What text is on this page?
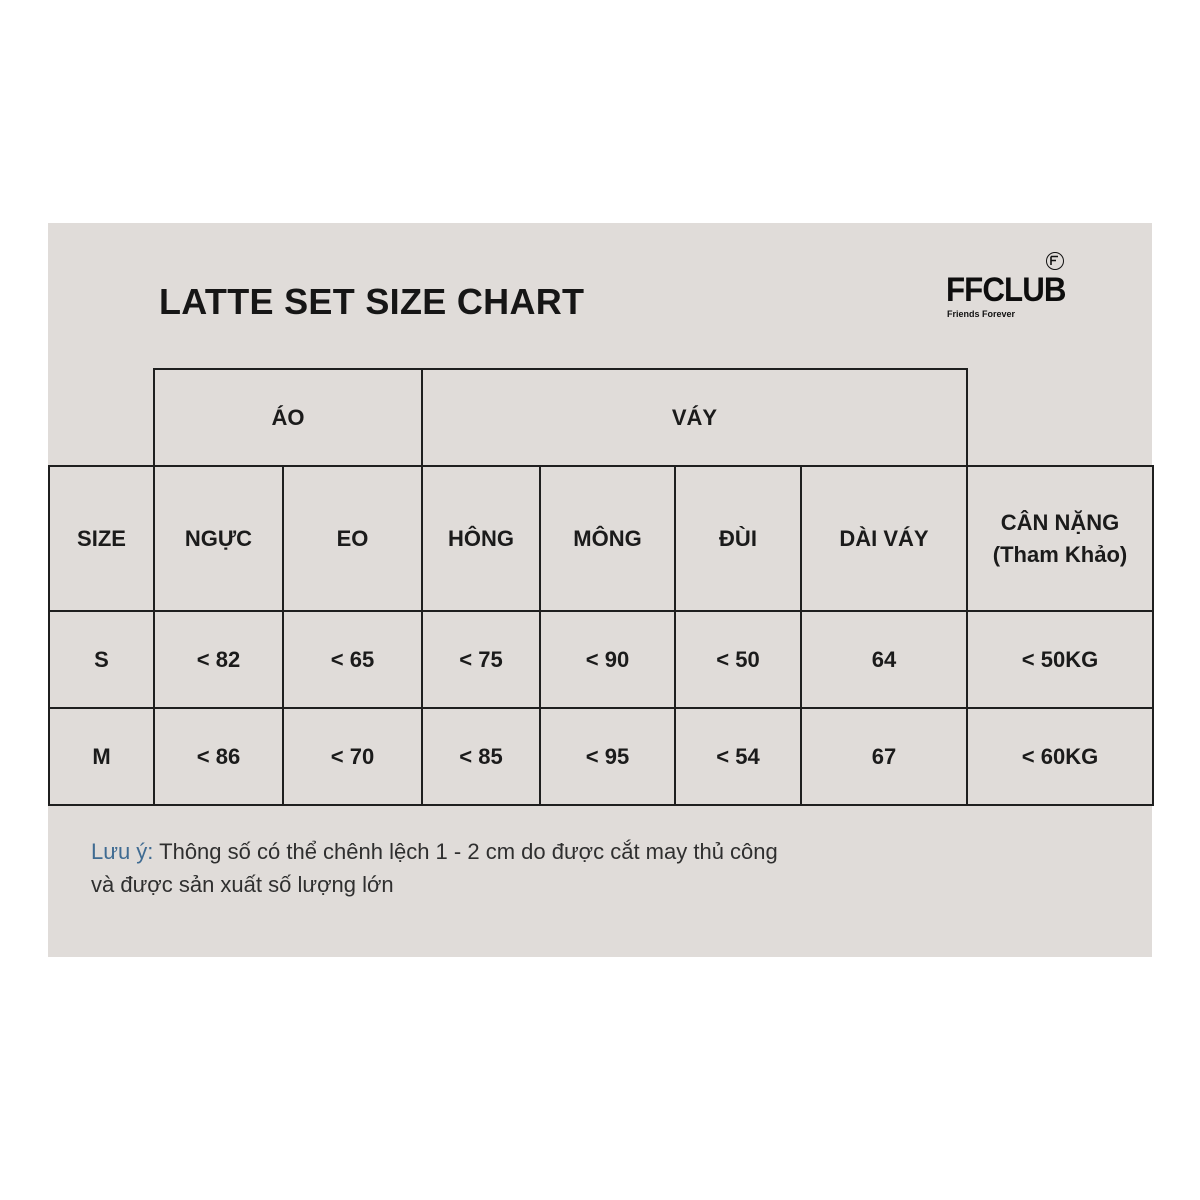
LATTE SET SIZE CHART	FFCLUB
Friends Forever
	ÁO		VÁY				
SIZE	NGỰC	EO	HÔNG	MÔNG	ĐÙI	DÀI VÁY	CÂN NẶNG
(Tham Khảo)
S	< 82	< 65	< 75	< 90	< 50	64	< 50KG
M	< 86	< 70	< 85	< 95	< 54	67	< 60KG
Lưu ý: Thông số có thể chênh lệch 1 - 2 cm do được cắt may thủ công
và được sản xuất số lượng lớn
